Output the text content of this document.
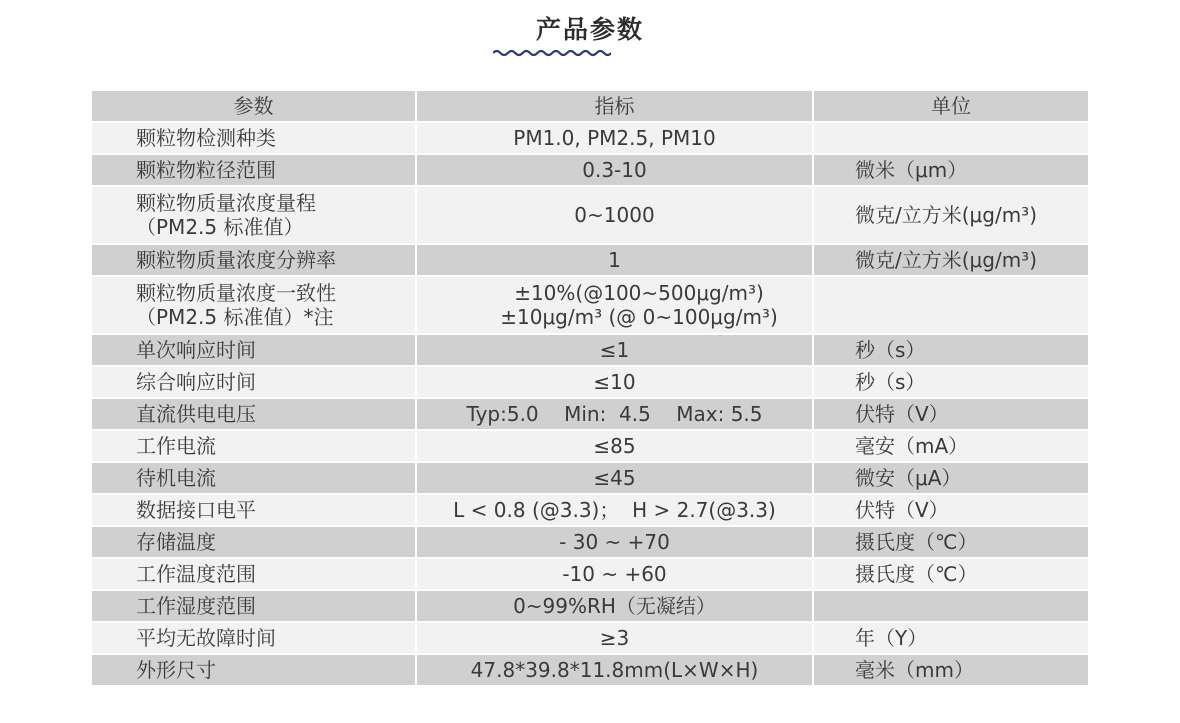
产品参数
参数	指标	单位
颗粒物检测种类	PM1.0, PM2.5, PM10	
颗粒物粒径范围	0.3-10	微米（μm）

颗粒物质量浓度量程
（PM2.5 标准值）	0~1000	微克/立方米(μg/m³)
颗粒物质量浓度分辨率	1	微克/立方米(μg/m³)

颗粒物质量浓度一致性
（PM2.5 标准值）*注	±10%(@100~500μg/m³)
±10μg/m³ (@ 0~100μg/m³)	

单次响应时间	≤1	秒（s）
综合响应时间	≤10	秒（s）
直流供电电压	Typ:5.0    Min:  4.5    Max: 5.5	伏特（V）
工作电流	≤85	毫安（mA）
待机电流	≤45	微安（μA）
数据接口电平	L < 0.8 (@3.3)；  H > 2.7(@3.3)	伏特（V）
存储温度	- 30 ~ +70	摄氏度（℃）
工作温度范围	-10 ~ +60	摄氏度（℃）
工作湿度范围	0~99%RH（无凝结）	
平均无故障时间	≥3	年（Y）
外形尺寸	47.8*39.8*11.8mm(L×W×H)	毫米（mm）
